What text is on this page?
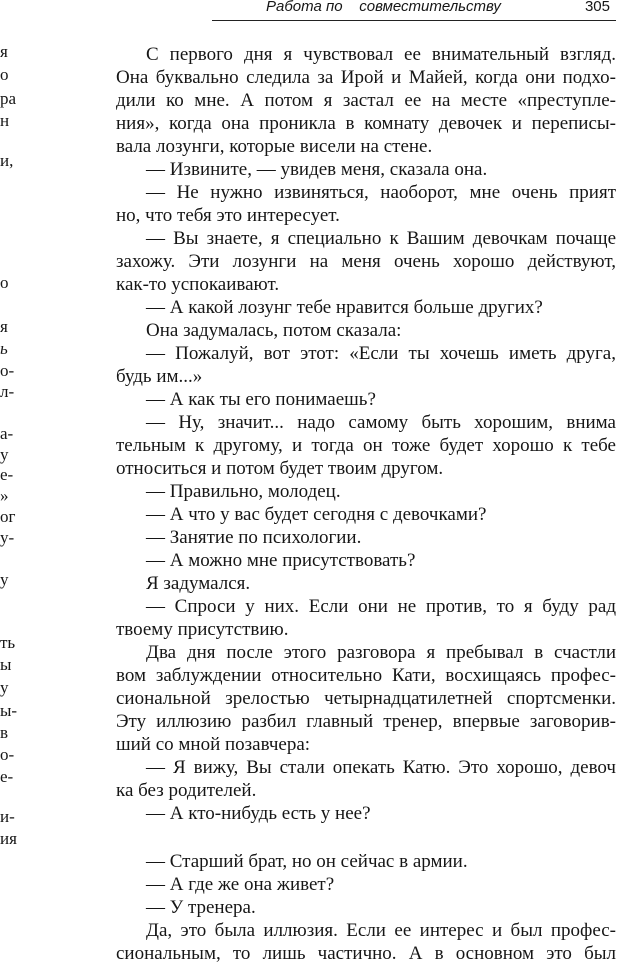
Работа по    совместительству	305
я
о
ра
н
и,
о
я
ь
о-
л-
а-
у
е-
»
ог
у-
у
ть
ы
у
ы-
в
о-
е-
и-
ия
С первого дня я чувствовал ее внимательный взгляд.
Она буквально следила за Ирой и Майей, когда они подхо-
дили ко мне. А потом я застал ее на месте «преступле-
ния», когда она проникла в комнату девочек и переписы-
вала лозунги, которые висели на стене.
— Извините, — увидев меня, сказала она.
— Не нужно извиняться, наоборот, мне очень прият
но, что тебя это интересует.
— Вы знаете, я специально к Вашим девочкам почаще
захожу. Эти лозунги на меня очень хорошо действуют,
как-то успокаивают.
— А какой лозунг тебе нравится больше других?
Она задумалась, потом сказала:
— Пожалуй, вот этот: «Если ты хочешь иметь друга,
будь им...»
— А как ты его понимаешь?
— Ну, значит... надо самому быть хорошим, внима
тельным к другому, и тогда он тоже будет хорошо к тебе
относиться и потом будет твоим другом.
— Правильно, молодец.
— А что у вас будет сегодня с девочками?
— Занятие по психологии.
— А можно мне присутствовать?
Я задумался.
— Спроси у них. Если они не против, то я буду рад
твоему присутствию.
Два дня после этого разговора я пребывал в счастли
вом заблуждении относительно Кати, восхищаясь профес-
сиональной зрелостью четырнадцатилетней спортсменки.
Эту иллюзию разбил главный тренер, впервые заговорив-
ший со мной позавчера:
— Я вижу, Вы стали опекать Катю. Это хорошо, девоч
ка без родителей.
— А кто-нибудь есть у нее?
— Старший брат, но он сейчас в армии.
— А где же она живет?
— У тренера.
Да, это была иллюзия. Если ее интерес и был профес-
сиональным, то лишь частично. А в основном это был
